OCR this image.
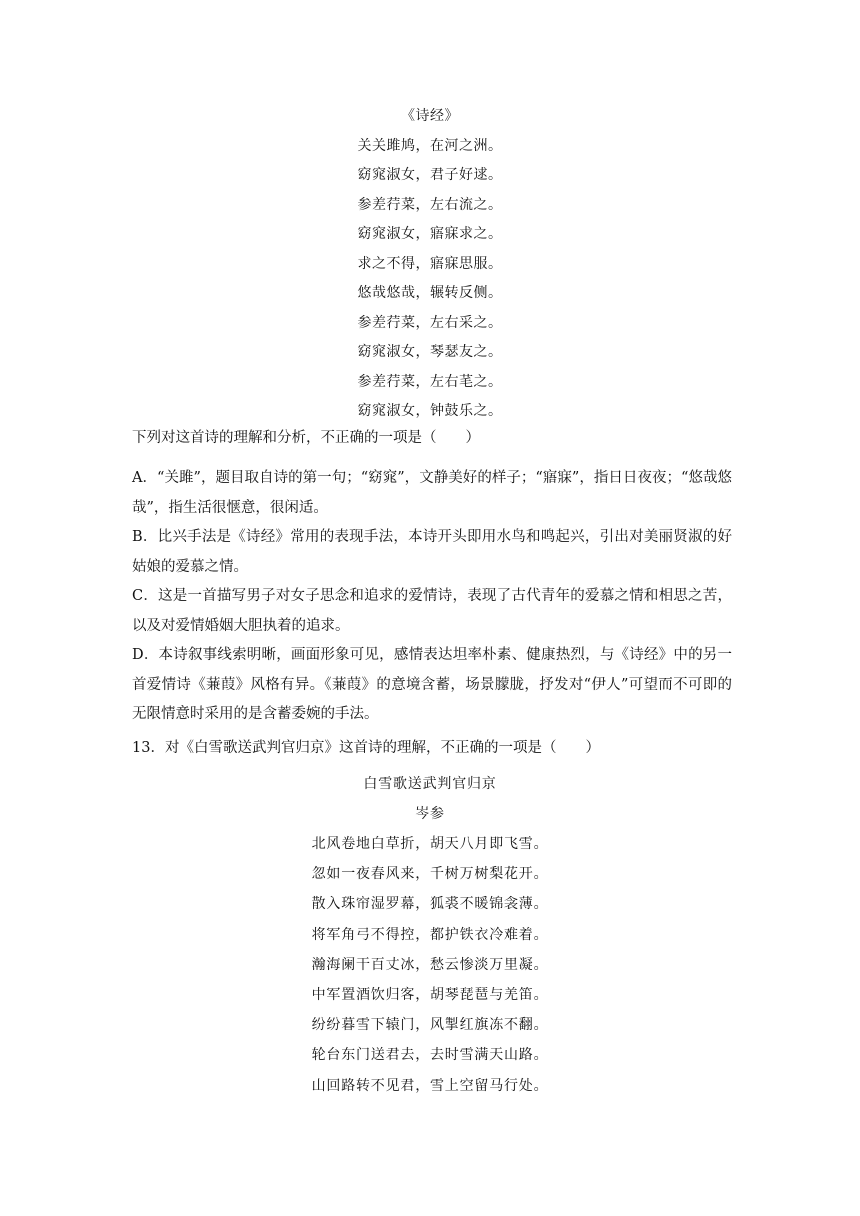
《诗经》
关关雎鸠，在河之洲。
窈窕淑女，君子好逑。
参差荇菜，左右流之。
窈窕淑女，寤寐求之。
求之不得，寤寐思服。
悠哉悠哉，辗转反侧。
参差荇菜，左右采之。
窈窕淑女，琴瑟友之。
参差荇菜，左右芼之。
窈窕淑女，钟鼓乐之。
下列对这首诗的理解和分析，不正确的一项是（　　）

A．“关雎”，题目取自诗的第一句；“窈窕”，文静美好的样子；“寤寐”，指日日夜夜；“悠哉悠哉”，指生活很惬意，很闲适。

B．比兴手法是《诗经》常用的表现手法，本诗开头即用水鸟和鸣起兴，引出对美丽贤淑的好姑娘的爱慕之情。

C．这是一首描写男子对女子思念和追求的爱情诗，表现了古代青年的爱慕之情和相思之苦，以及对爱情婚姻大胆执着的追求。

D．本诗叙事线索明晰，画面形象可见，感情表达坦率朴素、健康热烈，与《诗经》中的另一首爱情诗《蒹葭》风格有异。《蒹葭》的意境含蓄，场景朦胧，抒发对“伊人”可望而不可即的无限情意时采用的是含蓄委婉的手法。

13．对《白雪歌送武判官归京》这首诗的理解，不正确的一项是（　　）
白雪歌送武判官归京
岑参
北风卷地白草折，胡天八月即飞雪。
忽如一夜春风来，千树万树梨花开。
散入珠帘湿罗幕，狐裘不暖锦衾薄。
将军角弓不得控，都护铁衣冷难着。
瀚海阑干百丈冰，愁云惨淡万里凝。
中军置酒饮归客，胡琴琵琶与羌笛。
纷纷暮雪下辕门，风掣红旗冻不翻。
轮台东门送君去，去时雪满天山路。
山回路转不见君，雪上空留马行处。
